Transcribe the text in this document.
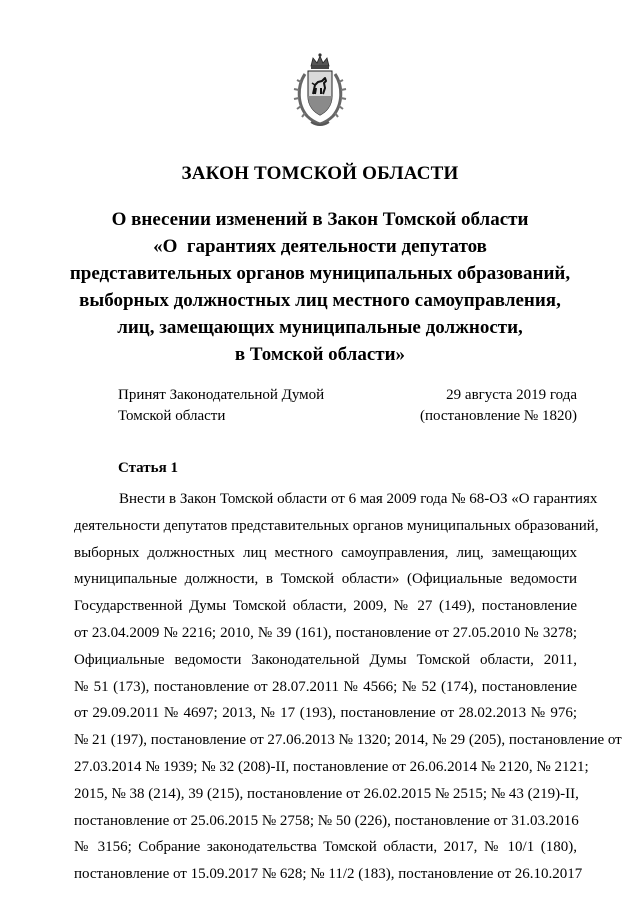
ЗАКОН ТОМСКОЙ ОБЛАСТИ
О внесении изменений в Закон Томской области
«О  гарантиях деятельности депутатов
представительных органов муниципальных образований,
выборных должностных лиц местного самоуправления,
лиц, замещающих муниципальные должности,
в Томской области»
Принят Законодательной Думой
Томской области
29 августа 2019 года
(постановление № 1820)
Статья 1
Внести в Закон Томской области от 6 мая 2009 года № 68-ОЗ «О гарантиях
деятельности депутатов представительных органов муниципальных образований,
выборных должностных лиц местного самоуправления, лиц, замещающих
муниципальные должности, в Томской области» (Официальные ведомости
Государственной Думы Томской области, 2009, № 27 (149), постановление
от 23.04.2009 № 2216; 2010, № 39 (161), постановление от 27.05.2010 № 3278;
Официальные ведомости Законодательной Думы Томской области, 2011,
№ 51 (173), постановление от 28.07.2011 № 4566; № 52 (174), постановление
от 29.09.2011 № 4697; 2013, № 17 (193), постановление от 28.02.2013 № 976;
№ 21 (197), постановление от 27.06.2013 № 1320; 2014, № 29 (205), постановление от
27.03.2014 № 1939; № 32 (208)-II, постановление от 26.06.2014 № 2120, № 2121;
2015, № 38 (214), 39 (215), постановление от 26.02.2015 № 2515; № 43 (219)-II,
постановление от 25.06.2015 № 2758; № 50 (226), постановление от 31.03.2016
№ 3156; Собрание законодательства Томской области, 2017, № 10/1 (180),
постановление от 15.09.2017 № 628; № 11/2 (183), постановление от 26.10.2017
